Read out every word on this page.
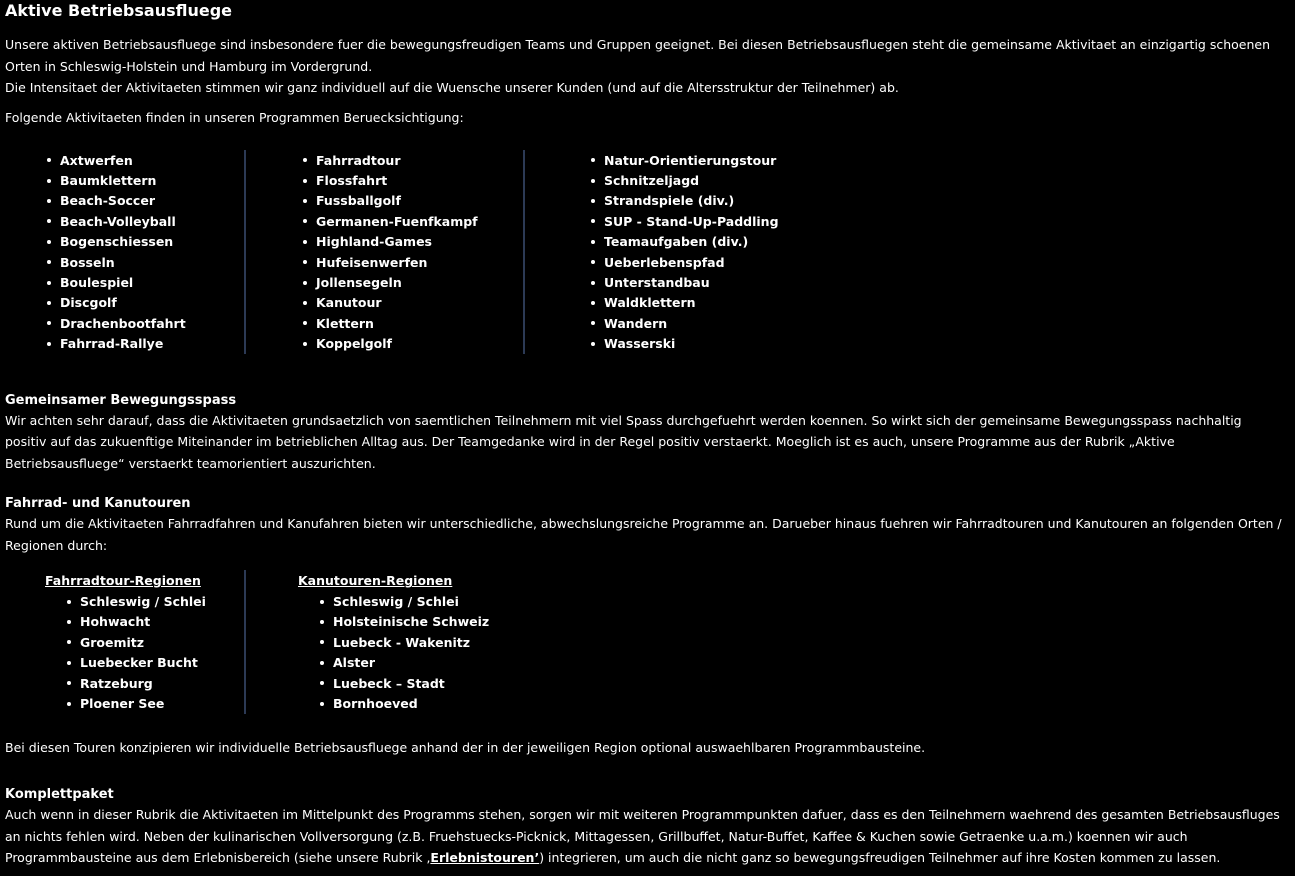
Aktive Betriebsausfluege

Unsere aktiven Betriebsausfluege sind insbesondere fuer die bewegungsfreudigen Teams und Gruppen geeignet. Bei diesen Betriebsausfluegen steht die gemeinsame Aktivitaet an einzigartig schoenen Orten in Schleswig-Holstein und Hamburg im Vordergrund.

Die Intensitaet der Aktivitaeten stimmen wir ganz individuell auf die Wuensche unserer Kunden (und auf die Altersstruktur der Teilnehmer) ab.

Folgende Aktivitaeten finden in unseren Programmen Beruecksichtigung:

Axtwerfen
Baumklettern
Beach-Soccer
Beach-Volleyball
Bogenschiessen
Bosseln
Boulespiel
Discgolf
Drachenbootfahrt
Fahrrad-Rallye
Fahrradtour
Flossfahrt
Fussballgolf
Germanen-Fuenfkampf
Highland-Games
Hufeisenwerfen
Jollensegeln
Kanutour
Klettern
Koppelgolf
Natur-Orientierungstour
Schnitzeljagd
Strandspiele (div.)
SUP - Stand-Up-Paddling
Teamaufgaben (div.)
Ueberlebenspfad
Unterstandbau
Waldklettern
Wandern
Wasserski
Gemeinsamer Bewegungsspass

Wir achten sehr darauf, dass die Aktivitaeten grundsaetzlich von saemtlichen Teilnehmern mit viel Spass durchgefuehrt werden koennen. So wirkt sich der gemeinsame Bewegungsspass nachhaltig positiv auf das zukuenftige Miteinander im betrieblichen Alltag aus. Der Teamgedanke wird in der Regel positiv verstaerkt. Moeglich ist es auch, unsere Programme aus der Rubrik „Aktive Betriebsausfluege“ verstaerkt teamorientiert auszurichten.

Fahrrad- und Kanutouren

Rund um die Aktivitaeten Fahrradfahren und Kanufahren bieten wir unterschiedliche, abwechslungsreiche Programme an. Darueber hinaus fuehren wir Fahrradtouren und Kanutouren an folgenden Orten / Regionen durch:

Fahrradtour-Regionen
Schleswig / Schlei
Hohwacht
Groemitz
Luebecker Bucht
Ratzeburg
Ploener See
Kanutouren-Regionen
Schleswig / Schlei
Holsteinische Schweiz
Luebeck - Wakenitz
Alster
Luebeck – Stadt
Bornhoeved

Bei diesen Touren konzipieren wir individuelle Betriebsausfluege anhand der in der jeweiligen Region optional auswaehlbaren Programmbausteine.

Komplettpaket

Auch wenn in dieser Rubrik die Aktivitaeten im Mittelpunkt des Programms stehen, sorgen wir mit weiteren Programmpunkten dafuer, dass es den Teilnehmern waehrend des gesamten Betriebsausfluges an nichts fehlen wird. Neben der kulinarischen Vollversorgung (z.B. Fruehstuecks-Picknick, Mittagessen, Grillbuffet, Natur-Buffet, Kaffee & Kuchen sowie Getraenke u.a.m.) koennen wir auch Programmbausteine aus dem Erlebnisbereich (siehe unsere Rubrik ‚Erlebnistouren’) integrieren, um auch die nicht ganz so bewegungsfreudigen Teilnehmer auf ihre Kosten kommen zu lassen.
